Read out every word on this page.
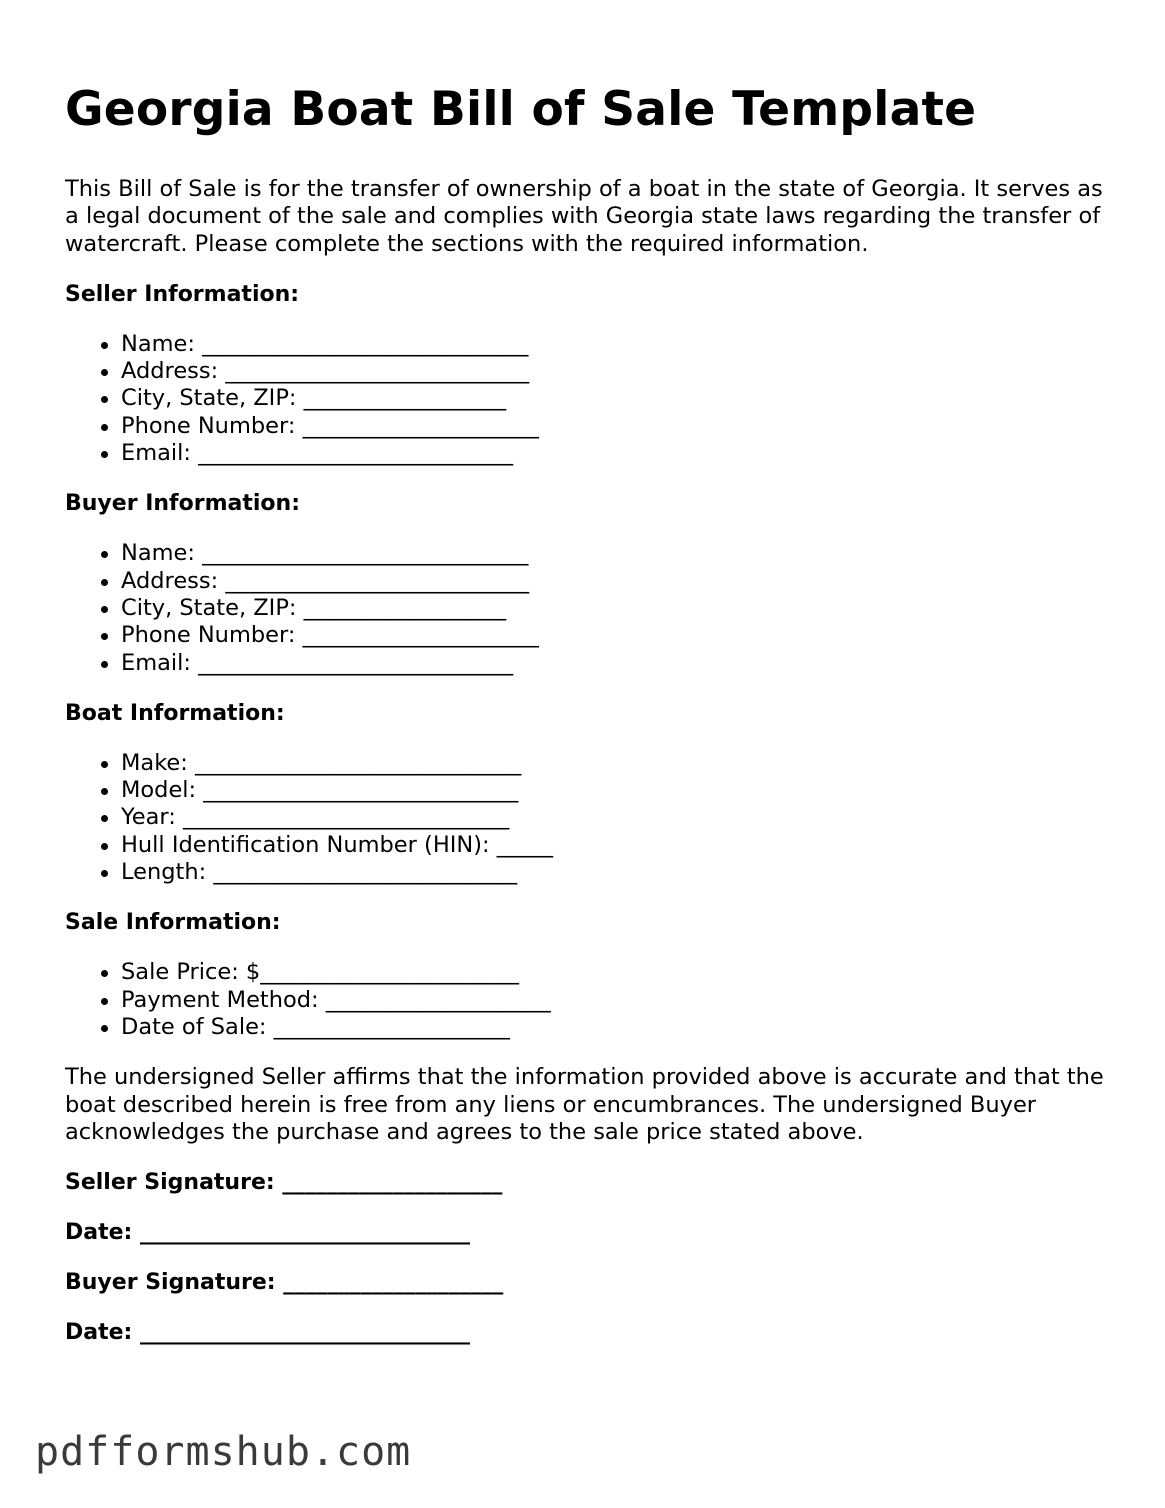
Georgia Boat Bill of Sale Template

This Bill of Sale is for the transfer of ownership of a boat in the state of Georgia. It serves as a legal document of the sale and complies with Georgia state laws regarding the transfer of watercraft. Please complete the sections with the required information.

Seller Information:
Name: _____________________________
Address: ___________________________
City, State, ZIP: __________________
Phone Number: _____________________
Email: ____________________________
Buyer Information:
Name: _____________________________
Address: ___________________________
City, State, ZIP: __________________
Phone Number: _____________________
Email: ____________________________
Boat Information:
Make: _____________________________
Model: ____________________________
Year: _____________________________
Hull Identification Number (HIN): _____
Length: ___________________________
Sale Information:
Sale Price: $_______________________
Payment Method: ____________________
Date of Sale: _____________________

The undersigned Seller affirms that the information provided above is accurate and that the boat described herein is free from any liens or encumbrances. The undersigned Buyer acknowledges the purchase and agrees to the sale price stated above.

Seller Signature: ____________________
Date: ______________________________
Buyer Signature: ____________________
Date: ______________________________
pdfformshub.com
